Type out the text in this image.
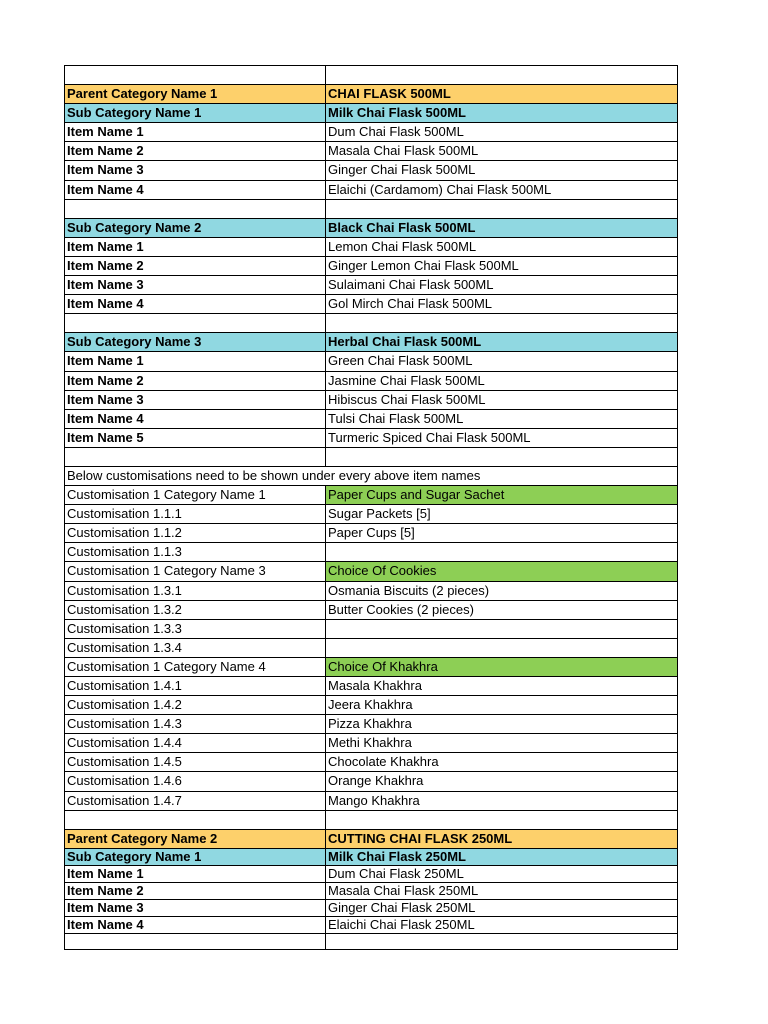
Parent Category Name 1	CHAI FLASK 500ML
Sub Category Name 1	Milk Chai Flask 500ML
Item Name 1	Dum Chai Flask 500ML
Item Name 2	Masala Chai Flask 500ML
Item Name 3	Ginger Chai Flask 500ML
Item Name 4	Elaichi (Cardamom) Chai Flask 500ML
Sub Category Name 2	Black Chai Flask 500ML
Item Name 1	Lemon Chai Flask 500ML
Item Name 2	Ginger Lemon Chai Flask 500ML
Item Name 3	Sulaimani Chai Flask 500ML
Item Name 4	Gol Mirch Chai Flask 500ML
Sub Category Name 3	Herbal Chai Flask 500ML
Item Name 1	Green Chai Flask 500ML
Item Name 2	Jasmine Chai Flask 500ML
Item Name 3	Hibiscus Chai Flask 500ML
Item Name 4	Tulsi Chai Flask 500ML
Item Name 5	Turmeric Spiced Chai Flask 500ML
Below customisations need to be shown under every above item names
Customisation 1 Category Name 1	Paper Cups and Sugar Sachet
Customisation 1.1.1	Sugar Packets [5]
Customisation 1.1.2	Paper Cups [5]
Customisation 1.1.3
Customisation 1 Category Name 3	Choice Of Cookies
Customisation 1.3.1	Osmania Biscuits (2 pieces)
Customisation 1.3.2	Butter Cookies (2 pieces)
Customisation 1.3.3
Customisation 1.3.4
Customisation 1 Category Name 4	Choice Of Khakhra
Customisation 1.4.1	Masala Khakhra
Customisation 1.4.2	Jeera Khakhra
Customisation 1.4.3	Pizza Khakhra
Customisation 1.4.4	Methi Khakhra
Customisation 1.4.5	Chocolate Khakhra
Customisation 1.4.6	Orange Khakhra
Customisation 1.4.7	Mango Khakhra
Parent Category Name 2	CUTTING CHAI FLASK 250ML
Sub Category Name 1	Milk Chai Flask 250ML
Item Name 1	Dum Chai Flask 250ML
Item Name 2	Masala Chai Flask 250ML
Item Name 3	Ginger Chai Flask 250ML
Item Name 4	Elaichi Chai Flask 250ML
